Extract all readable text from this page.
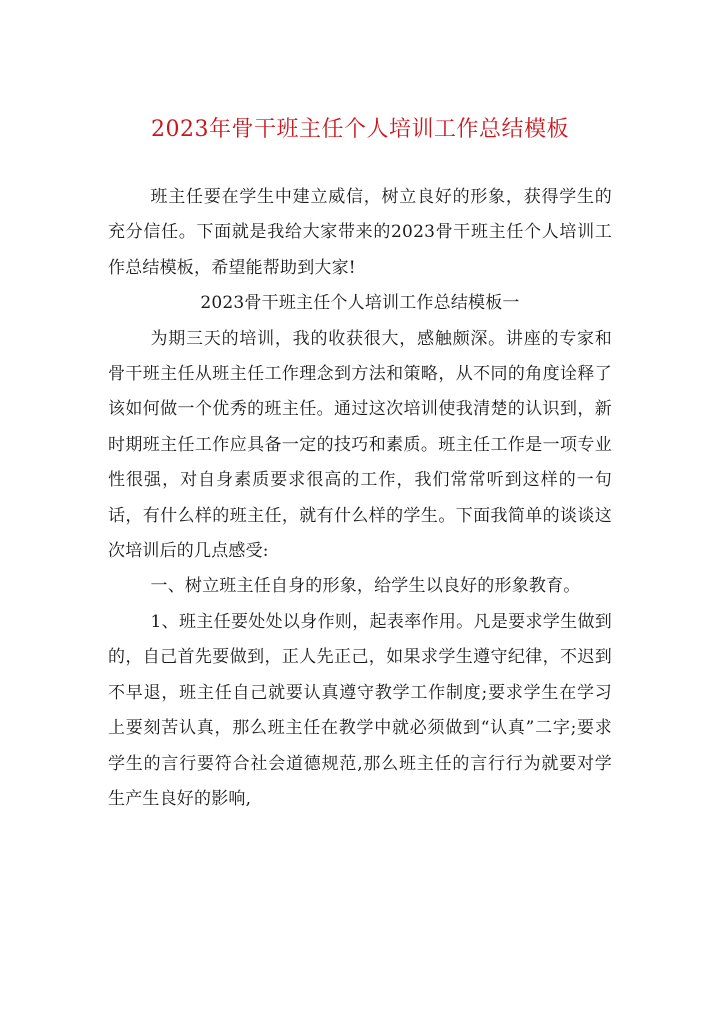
2023年骨干班主任个人培训工作总结模板

班主任要在学生中建立威信，树立良好的形象，获得学生的充分信任。下面就是我给大家带来的2023骨干班主任个人培训工作总结模板，希望能帮助到大家!

2023骨干班主任个人培训工作总结模板一

为期三天的培训，我的收获很大，感触颇深。讲座的专家和骨干班主任从班主任工作理念到方法和策略，从不同的角度诠释了该如何做一个优秀的班主任。通过这次培训使我清楚的认识到，新时期班主任工作应具备一定的技巧和素质。班主任工作是一项专业性很强，对自身素质要求很高的工作，我们常常听到这样的一句话，有什么样的班主任，就有什么样的学生。下面我简单的谈谈这次培训后的几点感受:

一、树立班主任自身的形象，给学生以良好的形象教育。

1、班主任要处处以身作则，起表率作用。凡是要求学生做到的，自己首先要做到，正人先正己，如果求学生遵守纪律，不迟到不早退，班主任自己就要认真遵守教学工作制度;要求学生在学习上要刻苦认真，那么班主任在教学中就必须做到“认真”二字;要求学生的言行要符合社会道德规范,那么班主任的言行行为就要对学生产生良好的影响,
